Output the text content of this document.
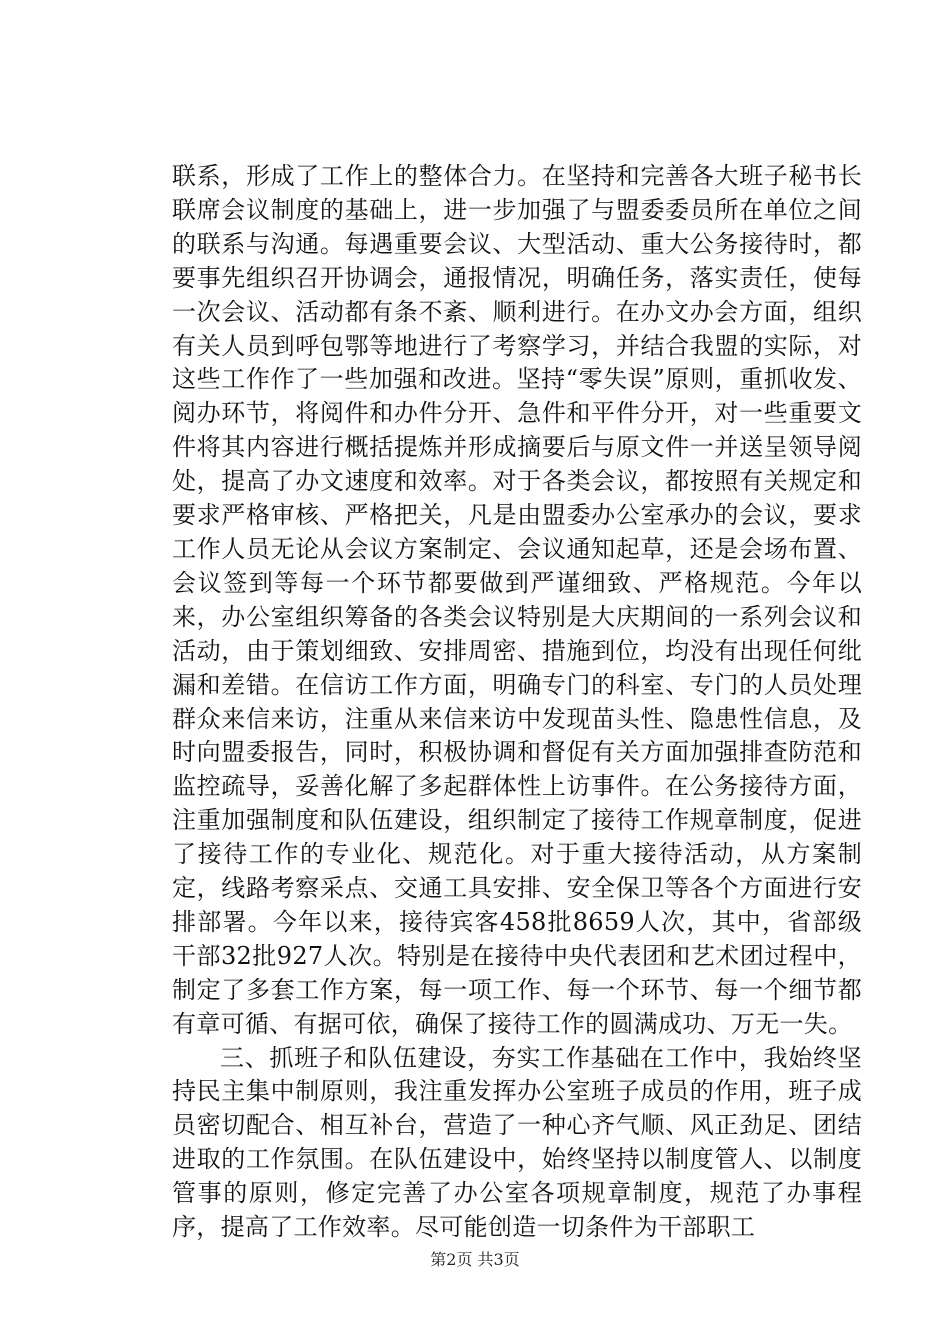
联系，形成了工作上的整体合力。在坚持和完善各大班子秘书长联席会议制度的基础上，进一步加强了与盟委委员所在单位之间的联系与沟通。每遇重要会议、大型活动、重大公务接待时，都要事先组织召开协调会，通报情况，明确任务，落实责任，使每一次会议、活动都有条不紊、顺利进行。在办文办会方面，组织有关人员到呼包鄂等地进行了考察学习，并结合我盟的实际，对这些工作作了一些加强和改进。坚持“零失误”原则，重抓收发、阅办环节，将阅件和办件分开、急件和平件分开，对一些重要文件将其内容进行概括提炼并形成摘要后与原文件一并送呈领导阅处，提高了办文速度和效率。对于各类会议，都按照有关规定和要求严格审核、严格把关，凡是由盟委办公室承办的会议，要求工作人员无论从会议方案制定、会议通知起草，还是会场布置、会议签到等每一个环节都要做到严谨细致、严格规范。今年以来，办公室组织筹备的各类会议特别是大庆期间的一系列会议和活动，由于策划细致、安排周密、措施到位，均没有出现任何纰漏和差错。在信访工作方面，明确专门的科室、专门的人员处理群众来信来访，注重从来信来访中发现苗头性、隐患性信息，及时向盟委报告，同时，积极协调和督促有关方面加强排查防范和监控疏导，妥善化解了多起群体性上访事件。在公务接待方面，注重加强制度和队伍建设，组织制定了接待工作规章制度，促进了接待工作的专业化、规范化。对于重大接待活动，从方案制定，线路考察采点、交通工具安排、安全保卫等各个方面进行安排部署。今年以来，接待宾客458批8659人次，其中，省部级干部32批927人次。特别是在接待中央代表团和艺术团过程中，制定了多套工作方案，每一项工作、每一个环节、每一个细节都有章可循、有据可依，确保了接待工作的圆满成功、万无一失。

三、抓班子和队伍建设，夯实工作基础在工作中，我始终坚持民主集中制原则，我注重发挥办公室班子成员的作用，班子成员密切配合、相互补台，营造了一种心齐气顺、风正劲足、团结进取的工作氛围。在队伍建设中，始终坚持以制度管人、以制度管事的原则，修定完善了办公室各项规章制度，规范了办事程序，提高了工作效率。尽可能创造一切条件为干部职工

第2页 共3页
